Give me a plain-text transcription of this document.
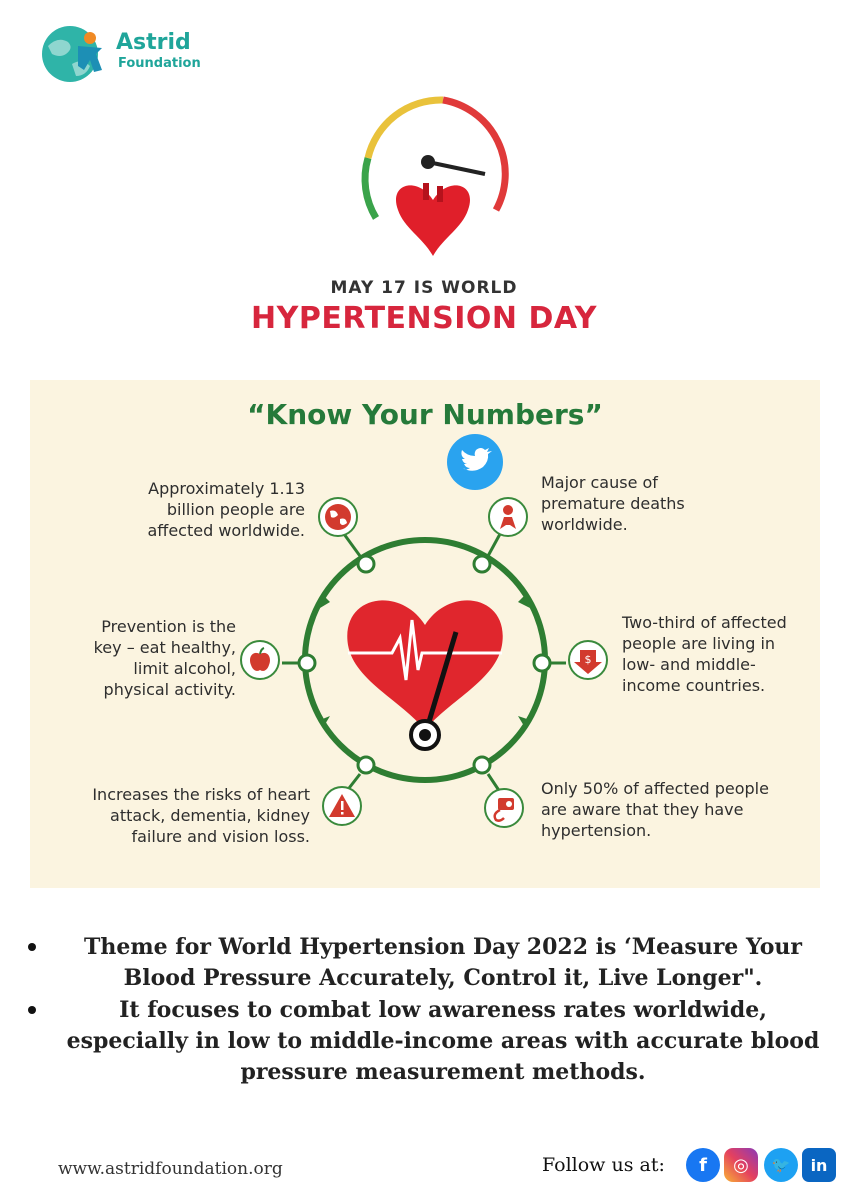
Astrid
Foundation
MAY 17 IS WORLD
HYPERTENSION DAY
“Know Your Numbers”
$
Approximately 1.13 billion people are affected worldwide.
Major cause of premature deaths worldwide.
Prevention is the key – eat healthy, limit alcohol, physical activity.
Two-third of affected people are living in low- and middle-income countries.
Increases the risks of heart attack, dementia, kidney failure and vision loss.
Only 50% of affected people are aware that they have hypertension.
Theme for World Hypertension Day 2022 is ‘Measure Your Blood Pressure Accurately, Control it, Live Longer".
It focuses to combat low awareness rates worldwide, especially in low to middle-income areas with accurate blood pressure measurement methods.
www.astridfoundation.org	Follow us at:	f	◎	🐦	in
